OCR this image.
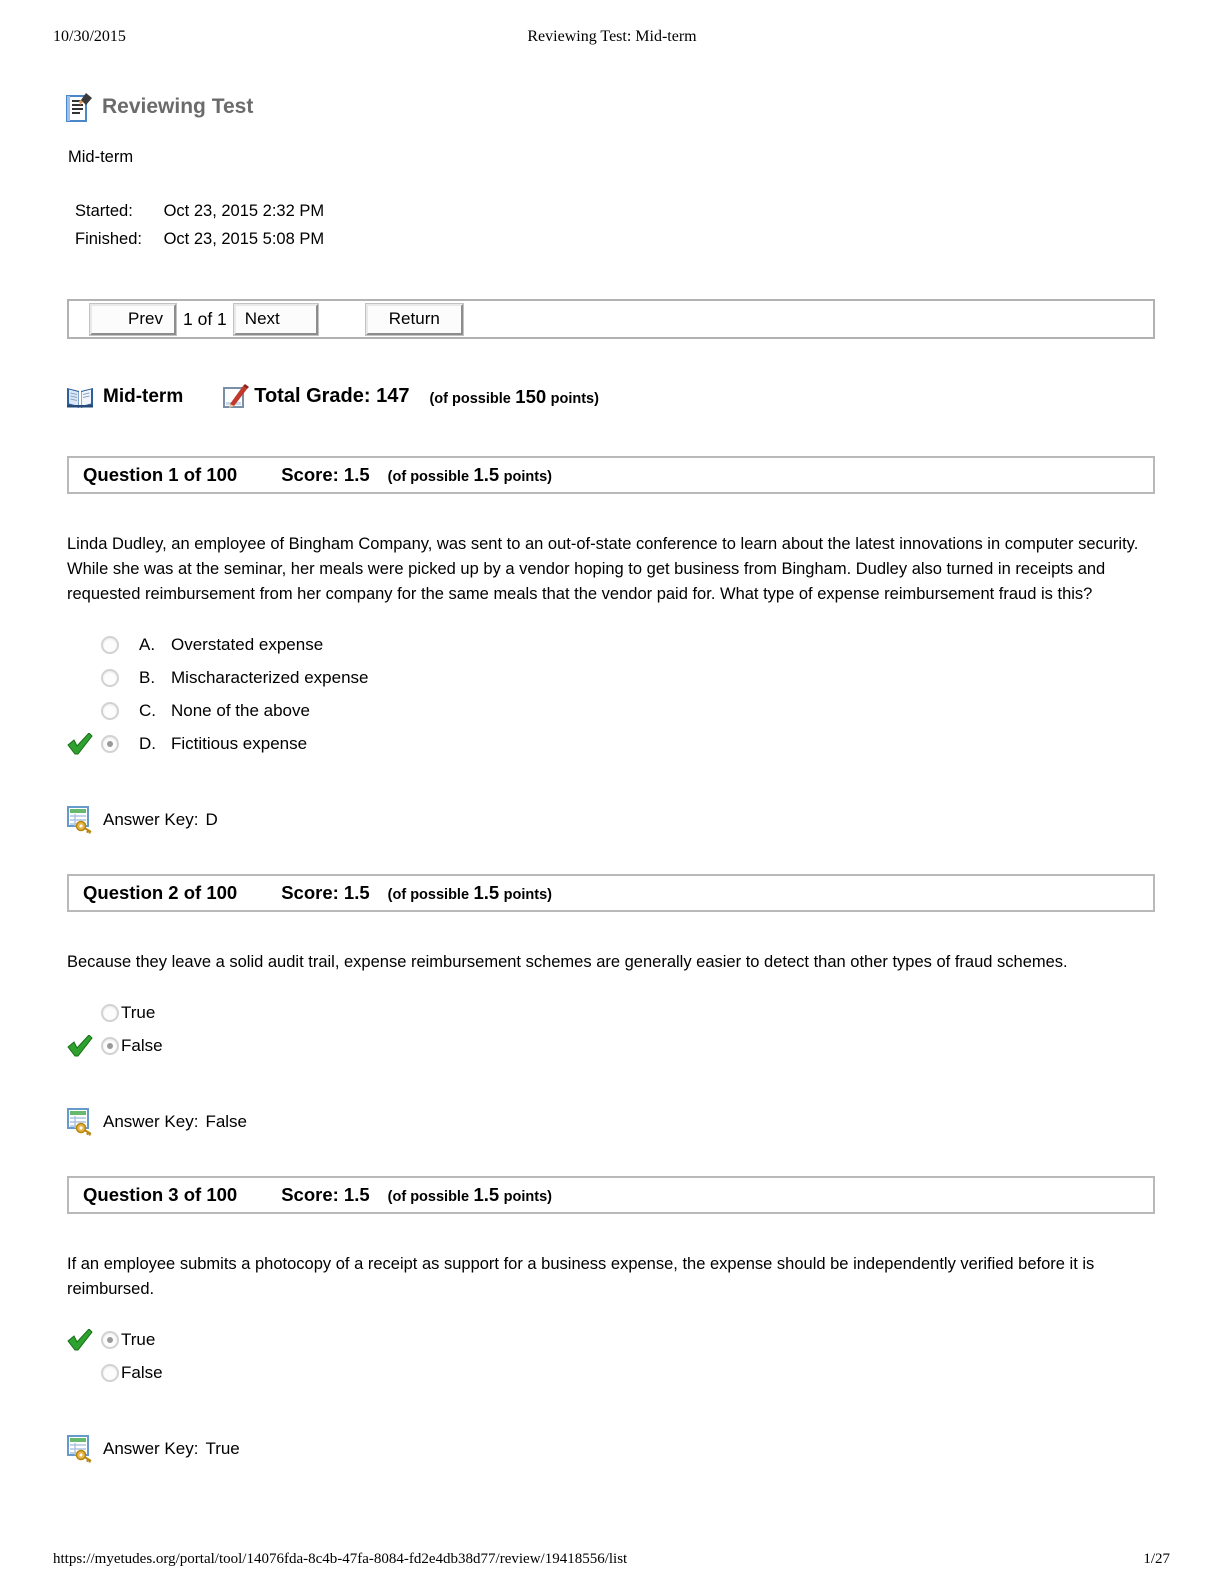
10/30/2015	Reviewing Test: Mid-term
Reviewing Test
Mid-term
Started: Oct 23, 2015 2:32 PM
Finished: Oct 23, 2015 5:08 PM
Prev	1 of 1	Next	Return
Mid-term	Total Grade: 147 (of possible 150 points)
Question 1 of 100 Score: 1.5 (of possible 1.5 points)

Linda Dudley, an employee of Bingham Company, was sent to an out-of-state conference to learn about the latest innovations in computer security. While she was at the seminar, her meals were picked up by a vendor hoping to get business from Bingham. Dudley also turned in receipts and requested reimbursement from her company for the same meals that the vendor paid for. What type of expense reimbursement fraud is this?

A. Overstated expense
B. Mischaracterized expense
C. None of the above
D. Fictitious expense
Answer Key: D
Question 2 of 100 Score: 1.5 (of possible 1.5 points)

Because they leave a solid audit trail, expense reimbursement schemes are generally easier to detect than other types of fraud schemes.

True
False
Answer Key: False
Question 3 of 100 Score: 1.5 (of possible 1.5 points)

If an employee submits a photocopy of a receipt as support for a business expense, the expense should be independently verified before it is reimbursed.

True
False
Answer Key: True
https://myetudes.org/portal/tool/14076fda-8c4b-47fa-8084-fd2e4db38d77/review/19418556/list	1/27
